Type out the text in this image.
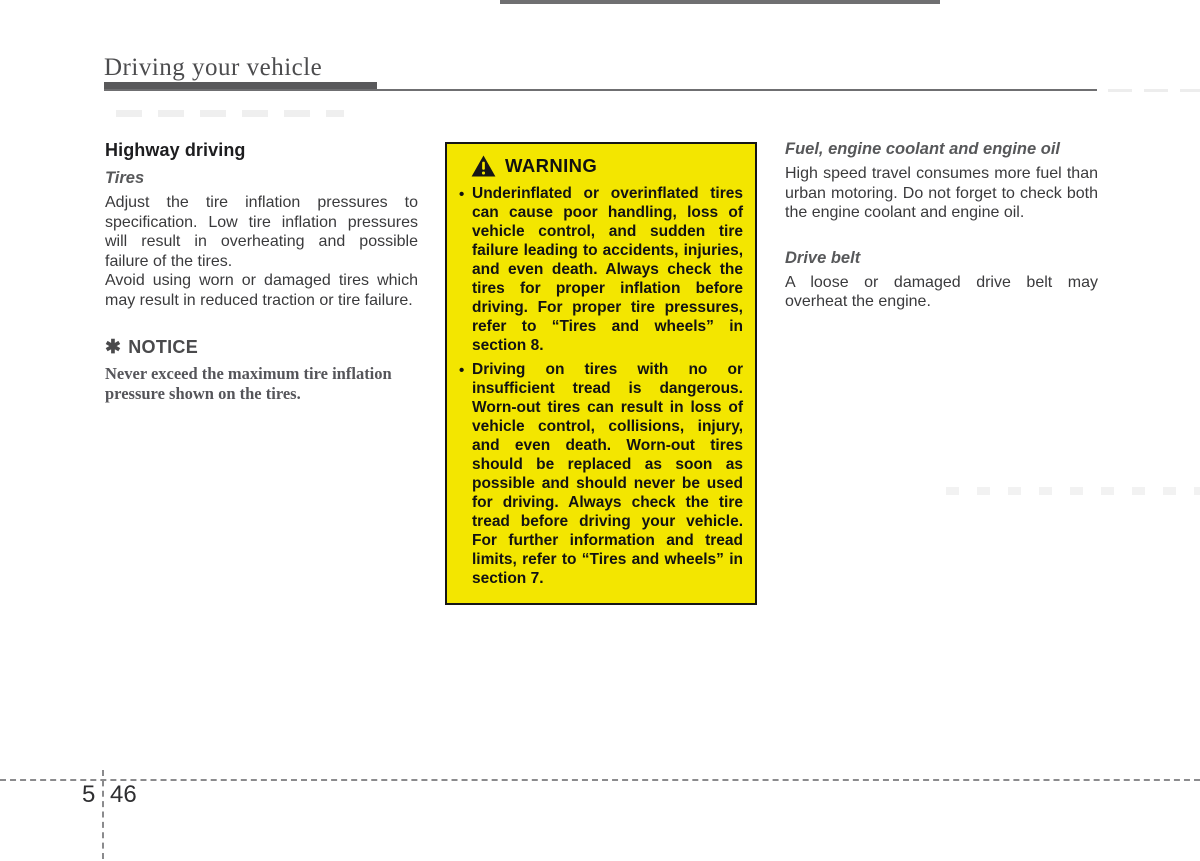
Driving your vehicle
Highway driving
Tires

Adjust the tire inflation pressures to specification. Low tire inflation pressures will result in overheating and possible failure of the tires.

Avoid using worn or damaged tires which may result in reduced traction or tire failure.

✱ NOTICE
Never exceed the maximum tire inflation pressure shown on the tires.
WARNING
• Underinflated or overinflated tires can cause poor handling, loss of vehicle control, and sudden tire failure leading to accidents, injuries, and even death. Always check the tires for proper inflation before driving. For proper tire pressures, refer to “Tires and wheels” in section 8.
• Driving on tires with no or insufficient tread is dangerous. Worn-out tires can result in loss of vehicle control, collisions, injury, and even death. Worn-out tires should be replaced as soon as possible and should never be used for driving. Always check the tire tread before driving your vehicle. For further information and tread limits, refer to “Tires and wheels” in section 7.
Fuel, engine coolant and engine oil

High speed travel consumes more fuel than urban motoring. Do not forget to check both the engine coolant and engine oil.

Drive belt

A loose or damaged drive belt may overheat the engine.

5 46
